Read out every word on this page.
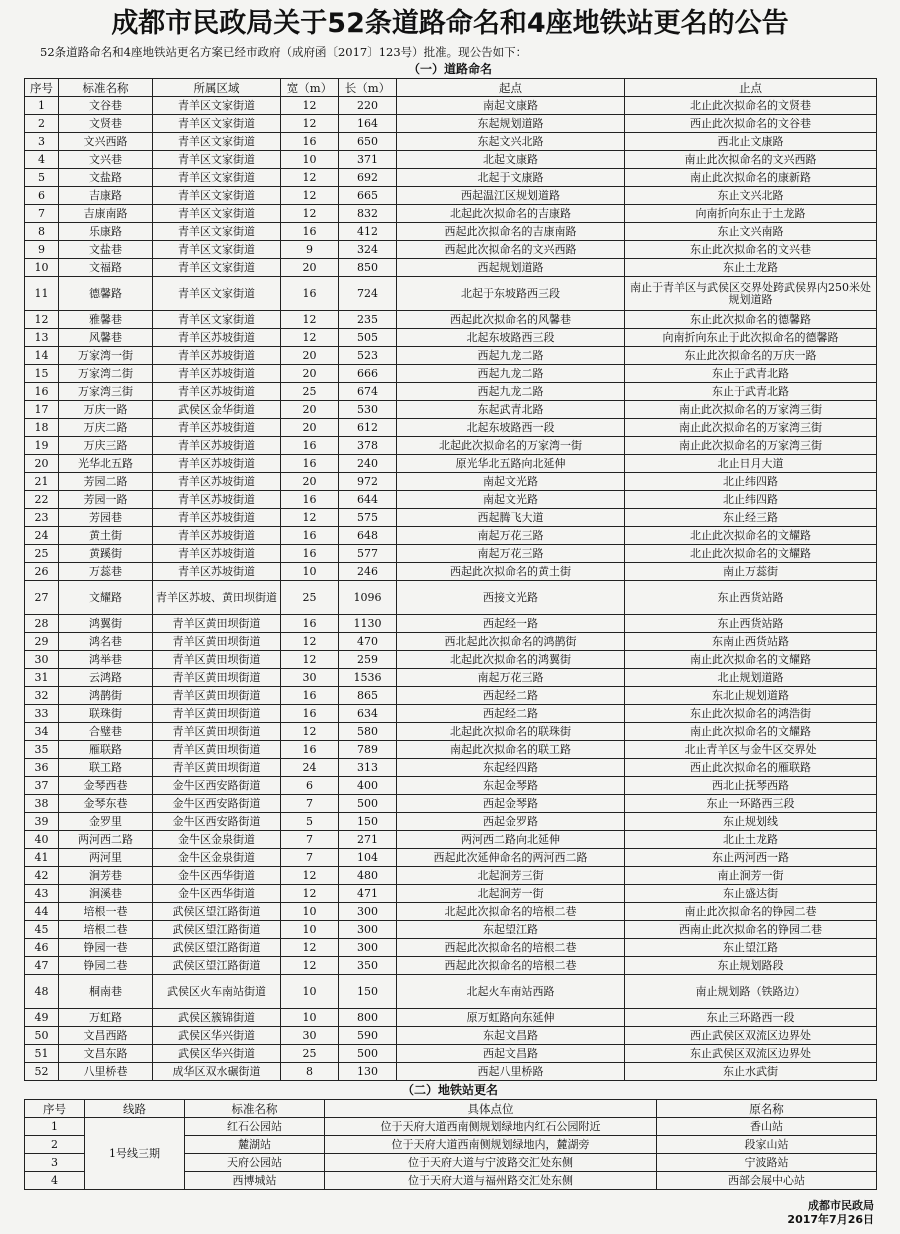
成都市民政局关于52条道路命名和4座地铁站更名的公告
52条道路命名和4座地铁站更名方案已经市政府（成府函〔2017〕123号）批准。现公告如下：
（一）道路命名
序号	标准名称	所属区域	宽（m）	长（m）	起点	止点
1	文谷巷	青羊区文家街道	12	220	南起文康路	北止此次拟命名的文贤巷
2	文贤巷	青羊区文家街道	12	164	东起规划道路	西止此次拟命名的文谷巷
3	文兴西路	青羊区文家街道	16	650	东起文兴北路	西北止文康路
4	文兴巷	青羊区文家街道	10	371	北起文康路	南止此次拟命名的文兴西路
5	文盐路	青羊区文家街道	12	692	北起于文康路	南止此次拟命名的康新路
6	吉康路	青羊区文家街道	12	665	西起温江区规划道路	东止文兴北路
7	吉康南路	青羊区文家街道	12	832	北起此次拟命名的吉康路	向南折向东止于土龙路
8	乐康路	青羊区文家街道	16	412	西起此次拟命名的吉康南路	东止文兴南路
9	文盐巷	青羊区文家街道	9	324	西起此次拟命名的文兴西路	东止此次拟命名的文兴巷
10	文福路	青羊区文家街道	20	850	西起规划道路	东止土龙路
11	德馨路	青羊区文家街道	16	724	北起于东坡路西三段	南止于青羊区与武侯区交界处跨武侯界内250米处规划道路
12	雅馨巷	青羊区文家街道	12	235	西起此次拟命名的风馨巷	东止此次拟命名的德馨路
13	风馨巷	青羊区苏坡街道	12	505	北起东坡路西三段	向南折向东止于此次拟命名的德馨路
14	万家湾一街	青羊区苏坡街道	20	523	西起九龙二路	东止此次拟命名的万庆一路
15	万家湾二街	青羊区苏坡街道	20	666	西起九龙二路	东止于武青北路
16	万家湾三街	青羊区苏坡街道	25	674	西起九龙二路	东止于武青北路
17	万庆一路	武侯区金华街道	20	530	东起武青北路	南止此次拟命名的万家湾三街
18	万庆二路	青羊区苏坡街道	20	612	北起东坡路西一段	南止此次拟命名的万家湾三街
19	万庆三路	青羊区苏坡街道	16	378	北起此次拟命名的万家湾一街	南止此次拟命名的万家湾三街
20	光华北五路	青羊区苏坡街道	16	240	原光华北五路向北延伸	北止日月大道
21	芳园二路	青羊区苏坡街道	20	972	南起文光路	北止纬四路
22	芳园一路	青羊区苏坡街道	16	644	南起文光路	北止纬四路
23	芳园巷	青羊区苏坡街道	12	575	西起腾飞大道	东止经三路
24	黄土街	青羊区苏坡街道	16	648	南起万花三路	北止此次拟命名的文耀路
25	黄蹊街	青羊区苏坡街道	16	577	南起万花三路	北止此次拟命名的文耀路
26	万蕊巷	青羊区苏坡街道	10	246	西起此次拟命名的黄土街	南止万蕊街
27	文耀路	青羊区苏坡、黄田坝街道	25	1096	西接文光路	东止西货站路
28	鸿翼街	青羊区黄田坝街道	16	1130	西起经一路	东止西货站路
29	鸿名巷	青羊区黄田坝街道	12	470	西北起此次拟命名的鸿鹊街	东南止西货站路
30	鸿举巷	青羊区黄田坝街道	12	259	北起此次拟命名的鸿翼街	南止此次拟命名的文耀路
31	云鸿路	青羊区黄田坝街道	30	1536	南起万花三路	北止规划道路
32	鸿鹊街	青羊区黄田坝街道	16	865	西起经二路	东北止规划道路
33	联珠街	青羊区黄田坝街道	16	634	西起经二路	东止此次拟命名的鸿浩街
34	合璧巷	青羊区黄田坝街道	12	580	北起此次拟命名的联珠街	南止此次拟命名的文耀路
35	雁联路	青羊区黄田坝街道	16	789	南起此次拟命名的联工路	北止青羊区与金牛区交界处
36	联工路	青羊区黄田坝街道	24	313	东起经四路	西止此次拟命名的雁联路
37	金琴西巷	金牛区西安路街道	6	400	东起金琴路	西北止抚琴西路
38	金琴东巷	金牛区西安路街道	7	500	西起金琴路	东止一环路西三段
39	金罗里	金牛区西安路街道	5	150	西起金罗路	东止规划线
40	两河西二路	金牛区金泉街道	7	271	两河西二路向北延伸	北止土龙路
41	两河里	金牛区金泉街道	7	104	西起此次延伸命名的两河西二路	东止两河西一路
42	涧芳巷	金牛区西华街道	12	480	北起涧芳三街	南止涧芳一街
43	涧溪巷	金牛区西华街道	12	471	北起涧芳一街	东止盛达街
44	培根一巷	武侯区望江路街道	10	300	北起此次拟命名的培根二巷	南止此次拟命名的铮园二巷
45	培根二巷	武侯区望江路街道	10	300	东起望江路	西南止此次拟命名的铮园二巷
46	铮园一巷	武侯区望江路街道	12	300	西起此次拟命名的培根二巷	东止望江路
47	铮园二巷	武侯区望江路街道	12	350	西起此次拟命名的培根二巷	东止规划路段
48	桐南巷	武侯区火车南站街道	10	150	北起火车南站西路	南止规划路（铁路边）
49	万虹路	武侯区簇锦街道	10	800	原万虹路向东延伸	东止三环路西一段
50	文昌西路	武侯区华兴街道	30	590	东起文昌路	西止武侯区双流区边界处
51	文昌东路	武侯区华兴街道	25	500	西起文昌路	东止武侯区双流区边界处
52	八里桥巷	成华区双水碾街道	8	130	西起八里桥路	东止水武街
（二）地铁站更名
序号	线路	标准名称	具体点位	原名称
1	1号线三期	红石公园站	位于天府大道西南侧规划绿地内红石公园附近	香山站
2		麓湖站	位于天府大道西南侧规划绿地内，麓湖旁	段家山站
3		天府公园站	位于天府大道与宁波路交汇处东侧	宁波路站
4		西博城站	位于天府大道与福州路交汇处东侧	西部会展中心站
成都市民政局
2017年7月26日
